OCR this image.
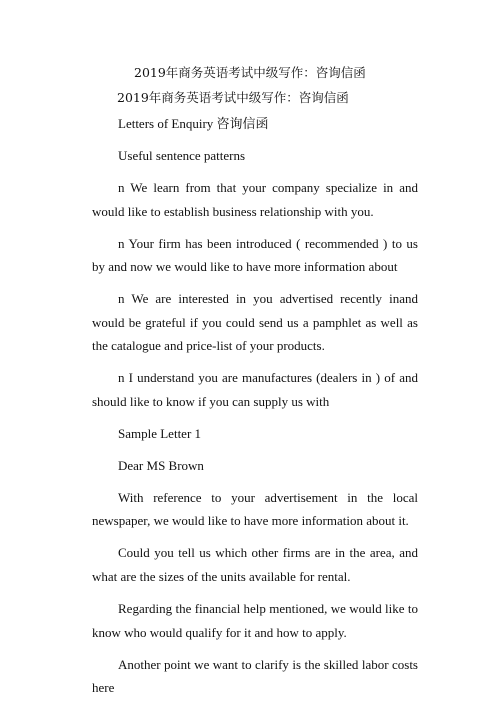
2019年商务英语考试中级写作：咨询信函

2019年商务英语考试中级写作：咨询信函

Letters of Enquiry 咨询信函

Useful sentence patterns

n We learn from that your company specialize in and would like to establish business relationship with you.

n Your firm has been introduced ( recommended ) to us by and now we would like to have more information about

n We are interested in you advertised recently inand would be grateful if you could send us a pamphlet as well as the catalogue and price-list of your products.

n I understand you are manufactures (dealers in ) of and should like to know if you can supply us with

Sample Letter 1

Dear MS Brown

With reference to your advertisement in the local newspaper, we would like to have more information about it.

Could you tell us which other firms are in the area, and what are the sizes of the units available for rental.

Regarding the financial help mentioned, we would like to know who would qualify for it and how to apply.

Another point we want to clarify is the skilled labor costs here
